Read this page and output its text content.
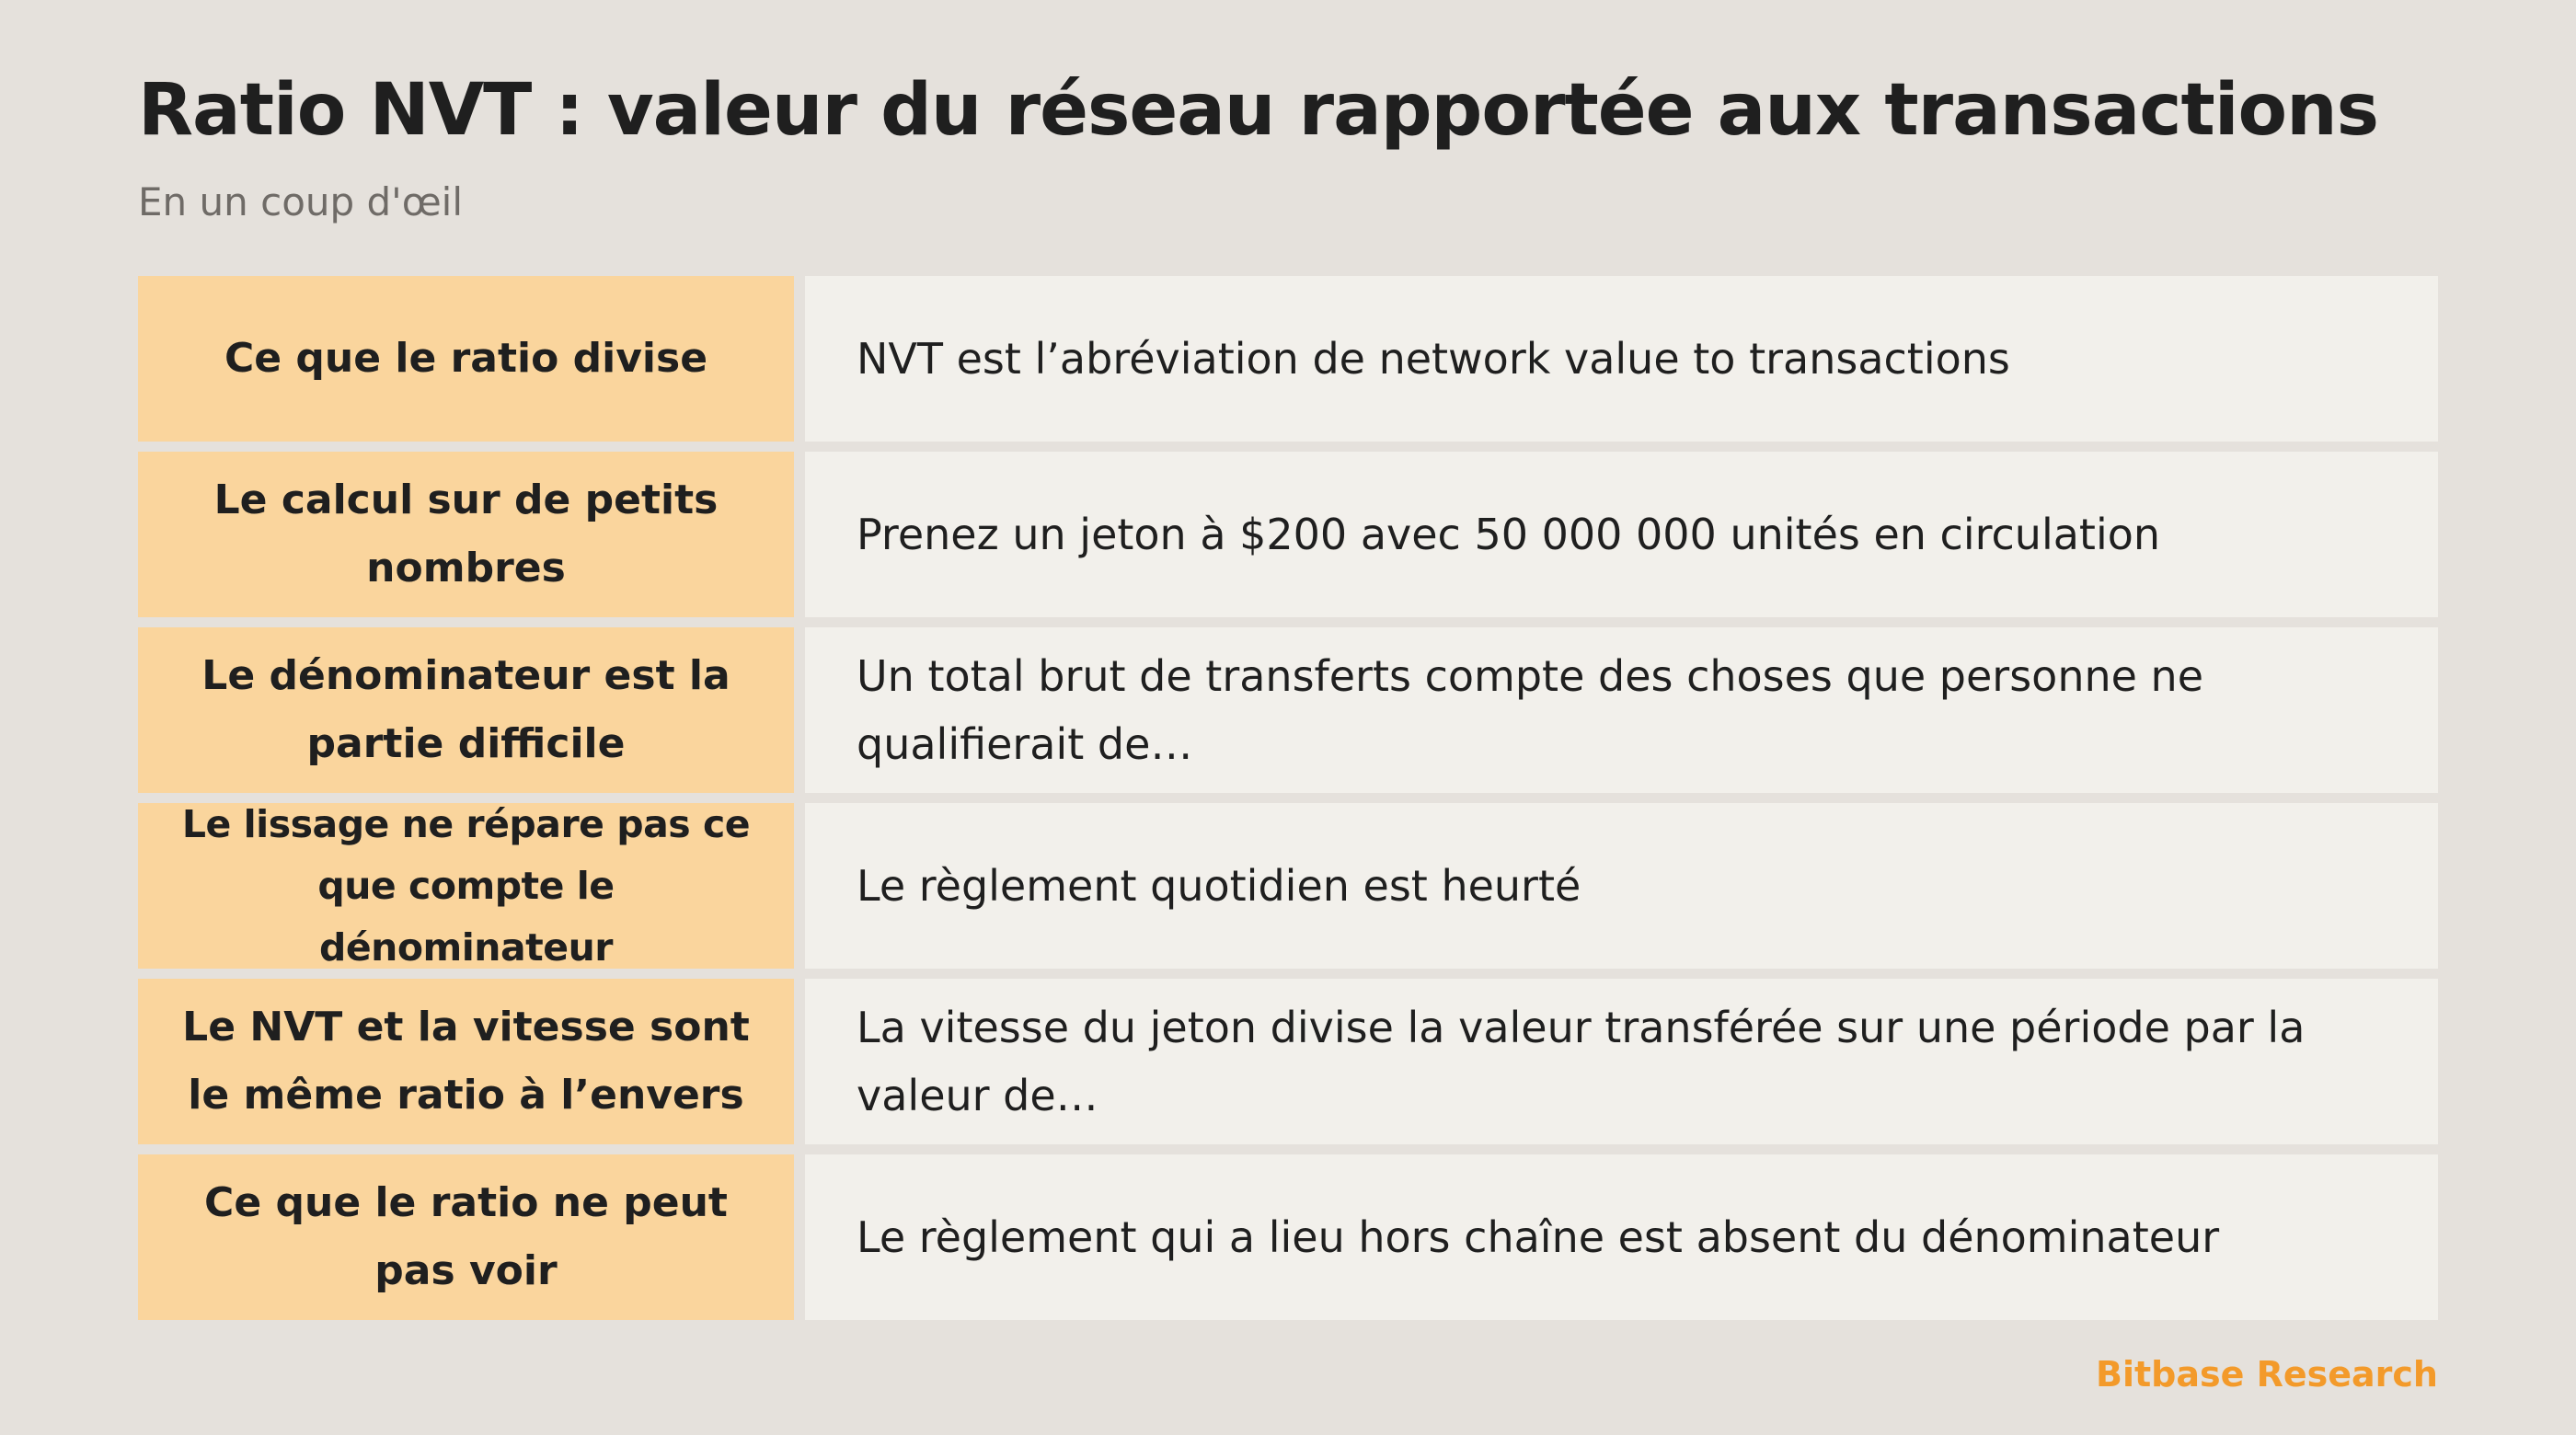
Ratio NVT : valeur du réseau rapportée aux transactions
En un coup d'œil
Ce que le ratio divise	NVT est l’abréviation de network value to transactions
Le calcul sur de petits nombres
Prenez un jeton à $200 avec 50 000 000 unités en circulation
Le dénominateur est la partie difficile
Un total brut de transferts compte des choses que personne ne qualifierait de…
Le lissage ne répare pas ce que compte le dénominateur
Le règlement quotidien est heurté
Le NVT et la vitesse sont le même ratio à l’envers
La vitesse du jeton divise la valeur transférée sur une période par la valeur de…
Ce que le ratio ne peut pas voir
Le règlement qui a lieu hors chaîne est absent du dénominateur
Bitbase Research
